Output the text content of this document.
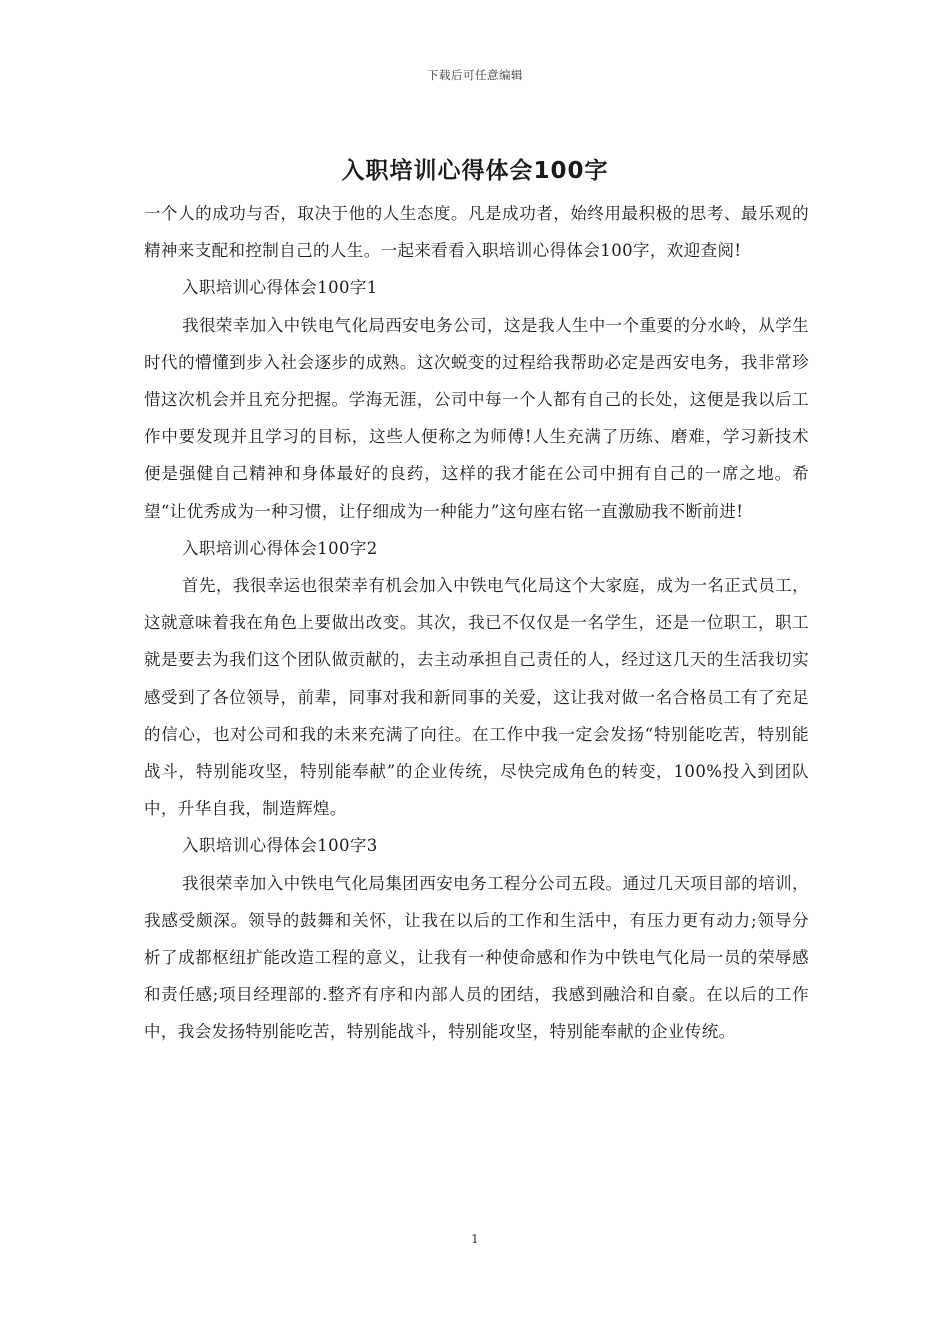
下载后可任意编辑
入职培训心得体会100字

一个人的成功与否，取决于他的人生态度。凡是成功者，始终用最积极的思考、最乐观的精神来支配和控制自己的人生。一起来看看入职培训心得体会100字，欢迎查阅!

入职培训心得体会100字1

我很荣幸加入中铁电气化局西安电务公司，这是我人生中一个重要的分水岭，从学生时代的懵懂到步入社会逐步的成熟。这次蜕变的过程给我帮助必定是西安电务，我非常珍惜这次机会并且充分把握。学海无涯，公司中每一个人都有自己的长处，这便是我以后工作中要发现并且学习的目标，这些人便称之为师傅!人生充满了历练、磨难，学习新技术便是强健自己精神和身体最好的良药，这样的我才能在公司中拥有自己的一席之地。希望“让优秀成为一种习惯，让仔细成为一种能力”这句座右铭一直激励我不断前进!

入职培训心得体会100字2

首先，我很幸运也很荣幸有机会加入中铁电气化局这个大家庭，成为一名正式员工，这就意味着我在角色上要做出改变。其次，我已不仅仅是一名学生，还是一位职工，职工就是要去为我们这个团队做贡献的，去主动承担自己责任的人，经过这几天的生活我切实感受到了各位领导，前辈，同事对我和新同事的关爱，这让我对做一名合格员工有了充足的信心，也对公司和我的未来充满了向往。在工作中我一定会发扬“特别能吃苦，特别能战斗，特别能攻坚，特别能奉献”的企业传统，尽快完成角色的转变，100%投入到团队中，升华自我，制造辉煌。

入职培训心得体会100字3

我很荣幸加入中铁电气化局集团西安电务工程分公司五段。通过几天项目部的培训，我感受颇深。领导的鼓舞和关怀，让我在以后的工作和生活中，有压力更有动力;领导分析了成都枢纽扩能改造工程的意义，让我有一种使命感和作为中铁电气化局一员的荣辱感和责任感;项目经理部的.整齐有序和内部人员的团结，我感到融洽和自豪。在以后的工作中，我会发扬特别能吃苦，特别能战斗，特别能攻坚，特别能奉献的企业传统。

1
